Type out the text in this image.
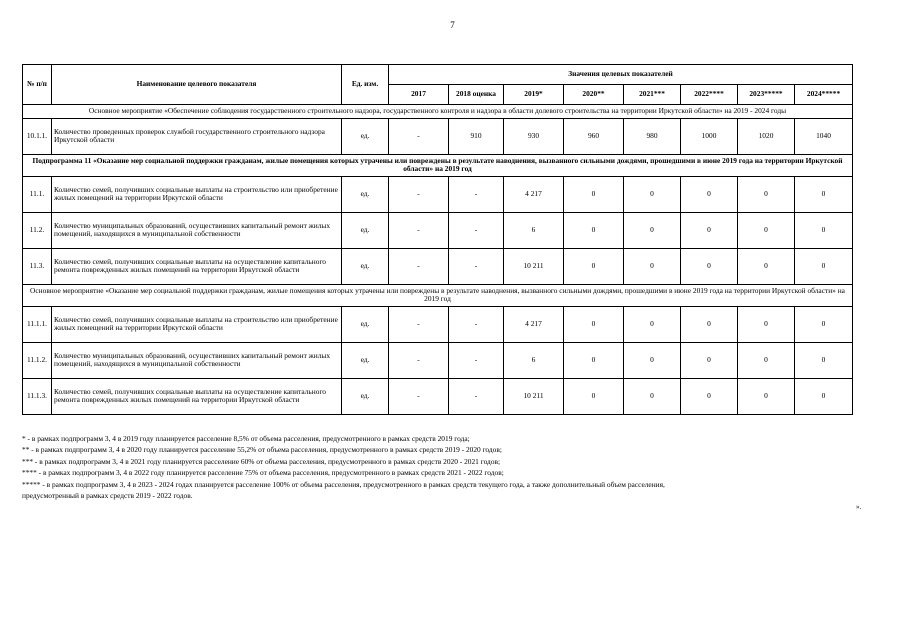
7
№ п/п	Наименование целевого показателя	Ед. изм.	Значения целевых показателей							
			2017	2018 оценка	2019*	2020**	2021***	2022****	2023*****	2024*****
Основное мероприятие «Обеспечение соблюдения государственного строительного надзора, государственного контроля и надзора в области долевого строительства на территории Иркутской области» на 2019 - 2024 годы										
10.1.1.	Количество проведенных проверок службой государственного строительного надзора Иркутской области	ед.	-	910	930	960	980	1000	1020	1040
Подпрограмма 11 «Оказание мер социальной поддержки гражданам, жилые помещения которых утрачены или повреждены в результате наводнения, вызванного сильными дождями, прошедшими в июне 2019 года на территории Иркутской области» на 2019 год										
11.1.	Количество семей, получивших социальные выплаты на строительство или приобретение жилых помещений на территории Иркутской области	ед.	-	-	4 217	0	0	0	0	0
11.2.	Количество муниципальных образований, осуществивших капитальный ремонт жилых помещений, находящихся в муниципальной собственности	ед.	-	-	6	0	0	0	0	0
11.3.	Количество семей, получивших социальные выплаты на осуществление капитального ремонта поврежденных жилых помещений на территории Иркутской области	ед.	-	-	10 211	0	0	0	0	0
Основное мероприятие «Оказание мер социальной поддержки гражданам, жилые помещения которых утрачены или повреждены в результате наводнения, вызванного сильными дождями, прошедшими в июне 2019 года на территории Иркутской области» на 2019 год										
11.1.1.	Количество семей, получивших социальные выплаты на строительство или приобретение жилых помещений на территории Иркутской области	ед.	-	-	4 217	0	0	0	0	0
11.1.2.	Количество муниципальных образований, осуществивших капитальный ремонт жилых помещений, находящихся в муниципальной собственности	ед.	-	-	6	0	0	0	0	0
11.1.3.	Количество семей, получивших социальные выплаты на осуществление капитального ремонта поврежденных жилых помещений на территории Иркутской области	ед.	-	-	10 211	0	0	0	0	0
* - в рамках подпрограмм 3, 4 в 2019 году планируется расселение 8,5% от объема расселения, предусмотренного в рамках средств 2019 года;
** - в рамках подпрограмм 3, 4 в 2020 году планируется расселение 55,2% от объема расселения, предусмотренного в рамках средств 2019 - 2020 годов;
*** - в рамках подпрограмм 3, 4 в 2021 году планируется расселение 60% от объема расселения, предусмотренного в рамках средств 2020 - 2021 годов;
**** - в рамках подпрограмм 3, 4 в 2022 году планируется расселение 75% от объема расселения, предусмотренного в рамках средств 2021 - 2022 годов;
***** - в рамках подпрограмм 3, 4 в 2023 - 2024 годах планируется расселение 100% от объема расселения, предусмотренного в рамках средств текущего года, а также дополнительный объем расселения,
предусмотренный в рамках средств 2019 - 2022 годов.
».
